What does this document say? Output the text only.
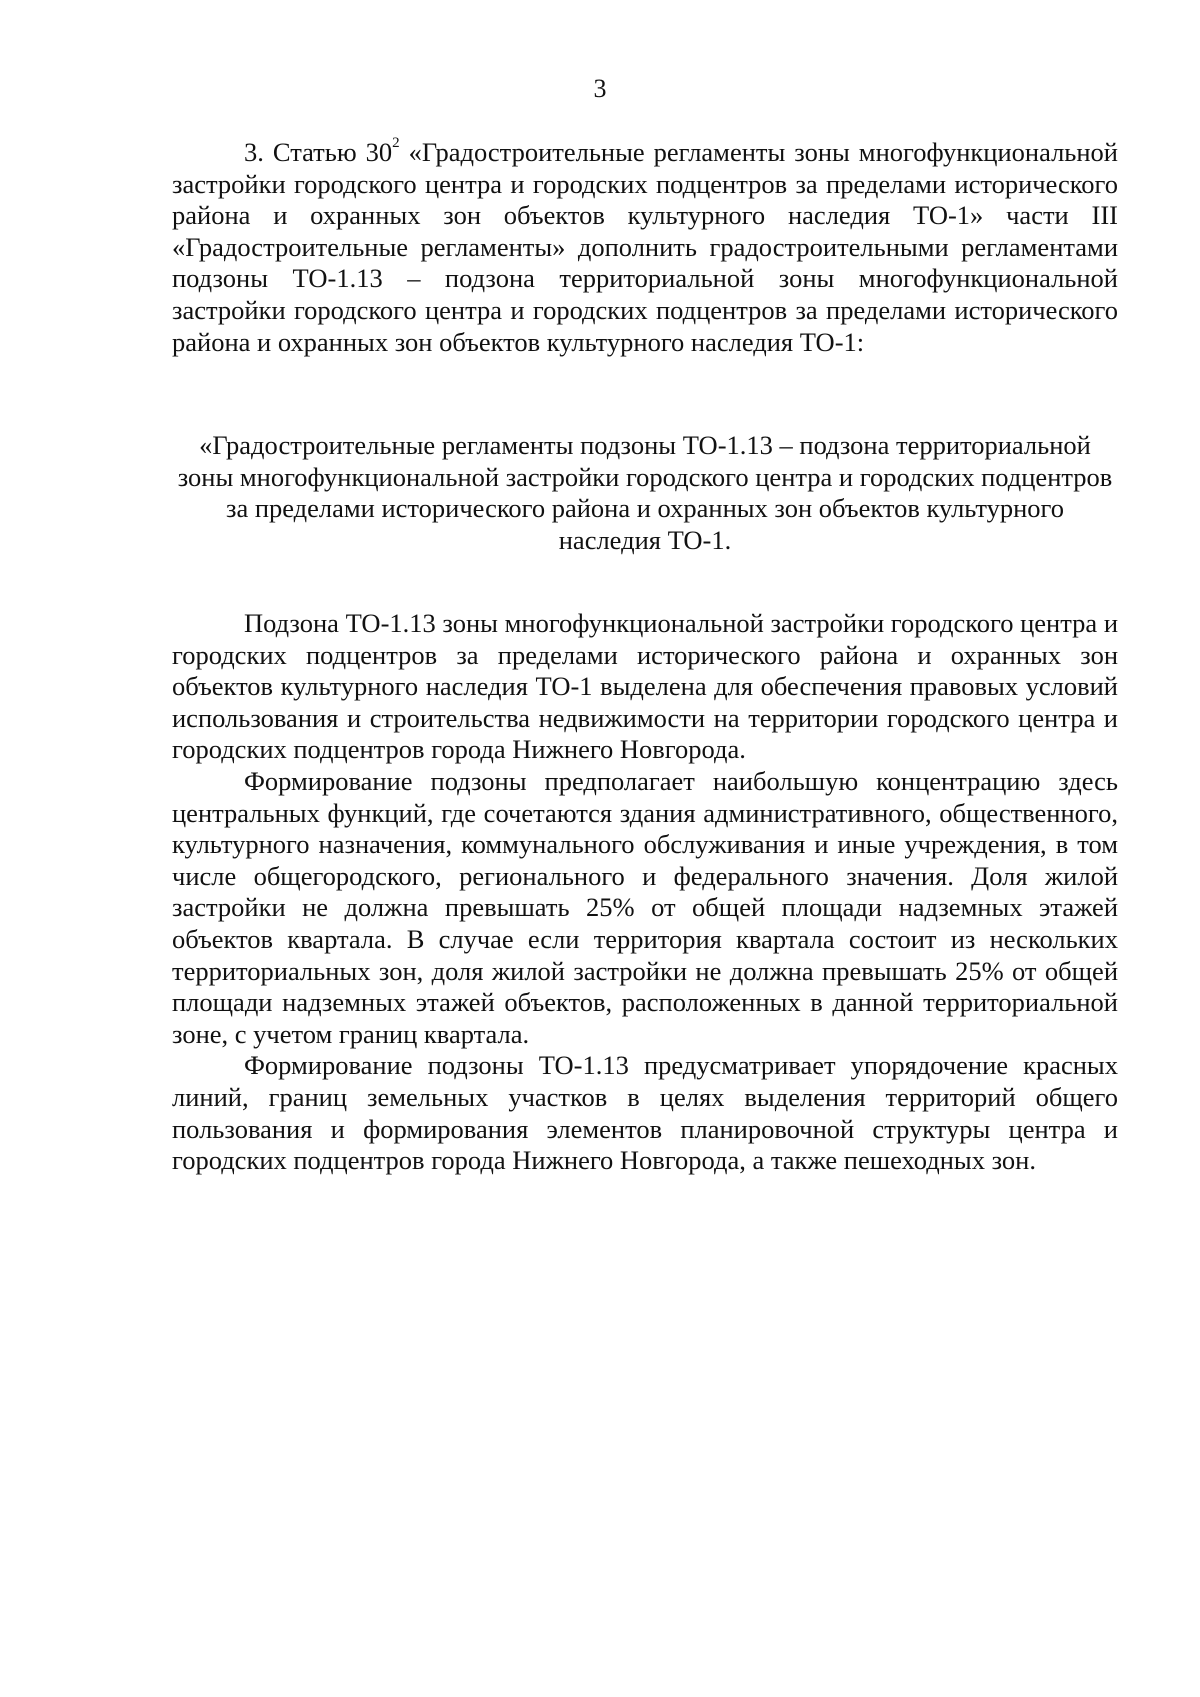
3

3. Статью $30^2$ «Градостроительные регламенты зоны многофункциональной застройки городского центра и городских подцентров за пределами исторического района и охранных зон объектов культурного наследия ТО-1» части III «Градостроительные регламенты» дополнить градостроительными регламентами подзоны ТО-1.13 – подзона территориальной зоны многофункциональной застройки городского центра и городских подцентров за пределами исторического района и охранных зон объектов культурного наследия ТО-1:

«Градостроительные регламенты подзоны ТО-1.13 – подзона территориальной зоны многофункциональной застройки городского центра и городских подцентров за пределами исторического района и охранных зон объектов культурного наследия ТО-1.

Подзона ТО-1.13 зоны многофункциональной застройки городского центра и городских подцентров за пределами исторического района и охранных зон объектов культурного наследия ТО-1 выделена для обеспечения правовых условий использования и строительства недвижимости на территории городского центра и городских подцентров города Нижнего Новгорода.

Формирование подзоны предполагает наибольшую концентрацию здесь центральных функций, где сочетаются здания административного, общественного, культурного назначения, коммунального обслуживания и иные учреждения, в том числе общегородского, регионального и федерального значения. Доля жилой застройки не должна превышать 25% от общей площади надземных этажей объектов квартала. В случае если территория квартала состоит из нескольких территориальных зон, доля жилой застройки не должна превышать 25% от общей площади надземных этажей объектов, расположенных в данной территориальной зоне, с учетом границ квартала.

Формирование подзоны ТО-1.13 предусматривает упорядочение красных линий, границ земельных участков в целях выделения территорий общего пользования и формирования элементов планировочной структуры центра и городских подцентров города Нижнего Новгорода, а также пешеходных зон.
